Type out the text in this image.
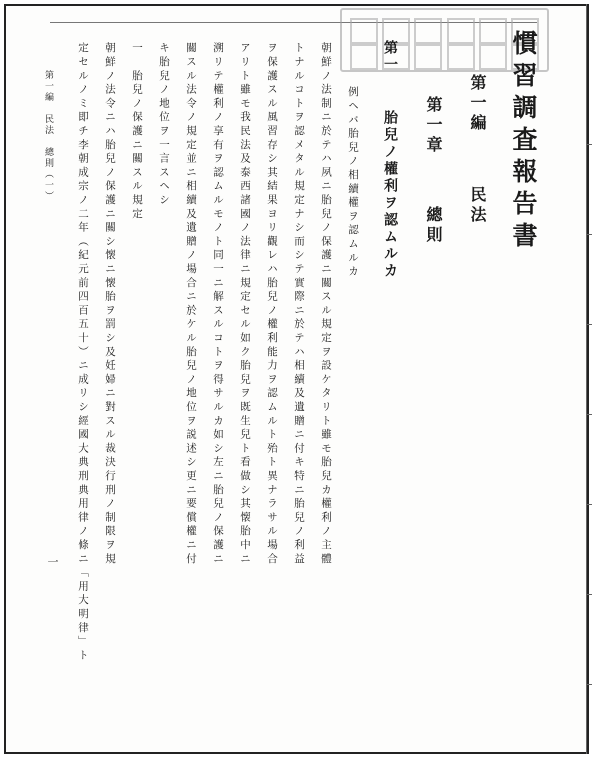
慣習調査報告書
第一編
民法
第一章
總則
第一
胎兒ノ權利ヲ認ムルカ
例ヘバ胎兒ノ相續權ヲ認ムルカ
朝鮮ノ法制ニ於テハ夙ニ胎兒ノ保護ニ關スル規定ヲ設ケタリト雖モ胎兒カ權利ノ主體
トナルコトヲ認メタル規定ナシ而シテ實際ニ於テハ相續及遺贈ニ付キ特ニ胎兒ノ利益
ヲ保護スル風習存シ其結果ヨリ觀レハ胎兒ノ權利能力ヲ認ムルト殆ト異ナラサル場合
アリト雖モ我民法及泰西諸國ノ法律ニ規定セル如ク胎兒ヲ既生兒ト看做シ其懐胎中ニ
溯リテ權利ノ享有ヲ認ムルモノト同一ニ解スルコトヲ得サルカ如シ左ニ胎兒ノ保護ニ
關スル法令ノ規定並ニ相續及遺贈ノ場合ニ於ケル胎兒ノ地位ヲ説述シ更ニ要償權ニ付
キ胎兒ノ地位ヲ一言スヘシ
一　胎兒ノ保護ニ關スル規定
朝鮮ノ法令ニハ胎兒ノ保護ニ關シ懐ニ懐胎ヲ罰シ及妊婦ニ對スル裁決行刑ノ制限ヲ規
定セルノミ即チ李朝成宗ノ二年（紀元前四百五十）ニ成リシ經國大典刑典用律ノ條ニ「用大明律」ト
第一編　民法　總則（一）
一
